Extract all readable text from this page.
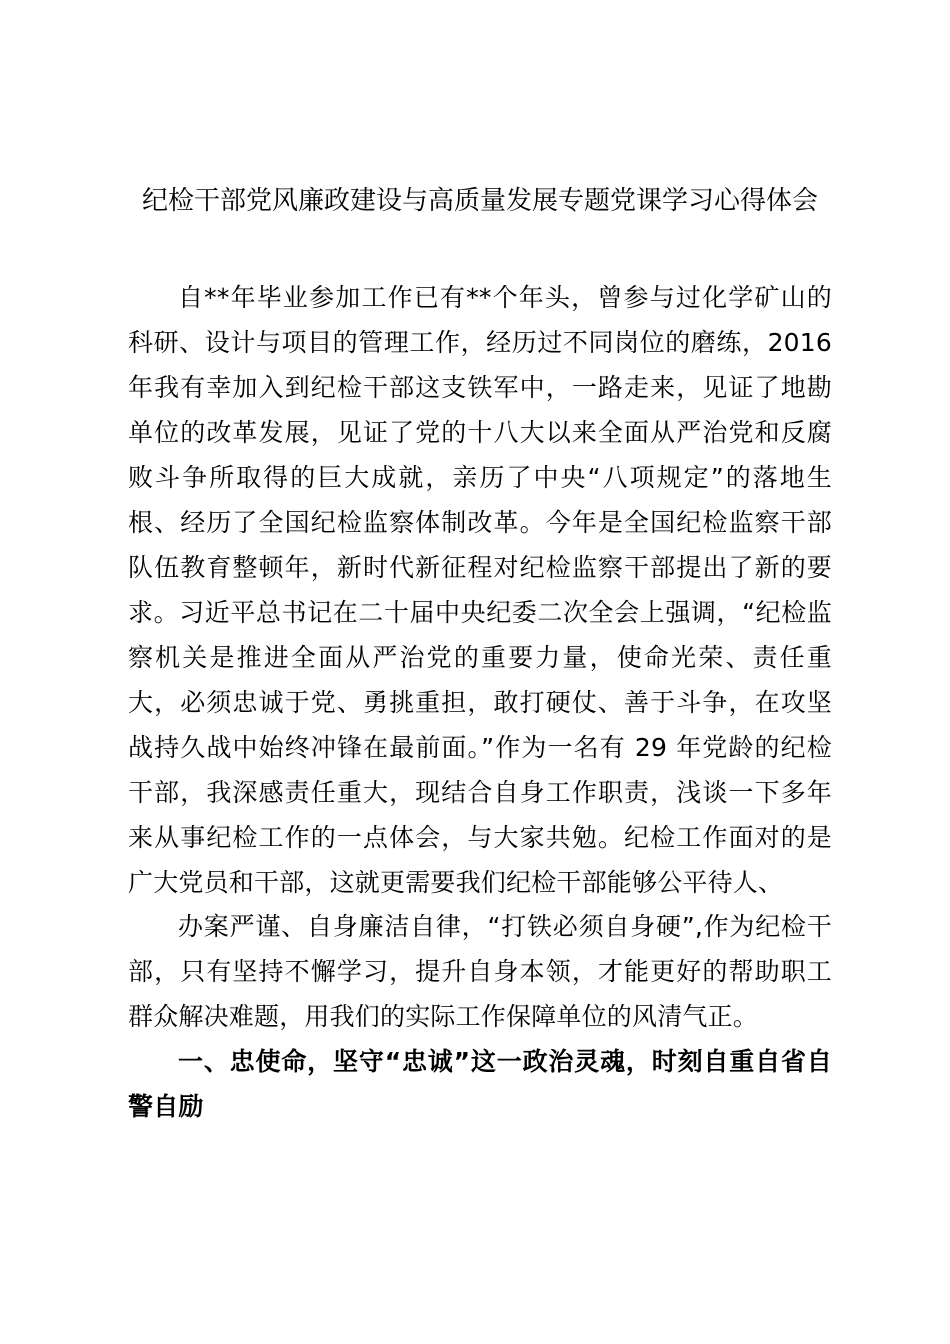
纪检干部党风廉政建设与高质量发展专题党课学习心得体会

自**年毕业参加工作已有**个年头，曾参与过化学矿山的科研、设计与项目的管理工作，经历过不同岗位的磨练，2016年我有幸加入到纪检干部这支铁军中，一路走来，见证了地勘单位的改革发展，见证了党的十八大以来全面从严治党和反腐败斗争所取得的巨大成就，亲历了中央“八项规定”的落地生根、经历了全国纪检监察体制改革。今年是全国纪检监察干部队伍教育整顿年，新时代新征程对纪检监察干部提出了新的要求。习近平总书记在二十届中央纪委二次全会上强调，“纪检监察机关是推进全面从严治党的重要力量，使命光荣、责任重大，必须忠诚于党、勇挑重担，敢打硬仗、善于斗争，在攻坚战持久战中始终冲锋在最前面。”作为一名有 29 年党龄的纪检干部，我深感责任重大，现结合自身工作职责，浅谈一下多年来从事纪检工作的一点体会，与大家共勉。纪检工作面对的是广大党员和干部，这就更需要我们纪检干部能够公平待人、

办案严谨、自身廉洁自律，“打铁必须自身硬”,作为纪检干部，只有坚持不懈学习，提升自身本领，才能更好的帮助职工群众解决难题，用我们的实际工作保障单位的风清气正。

一、忠使命，坚守“忠诚”这一政治灵魂，时刻自重自省自警自励
